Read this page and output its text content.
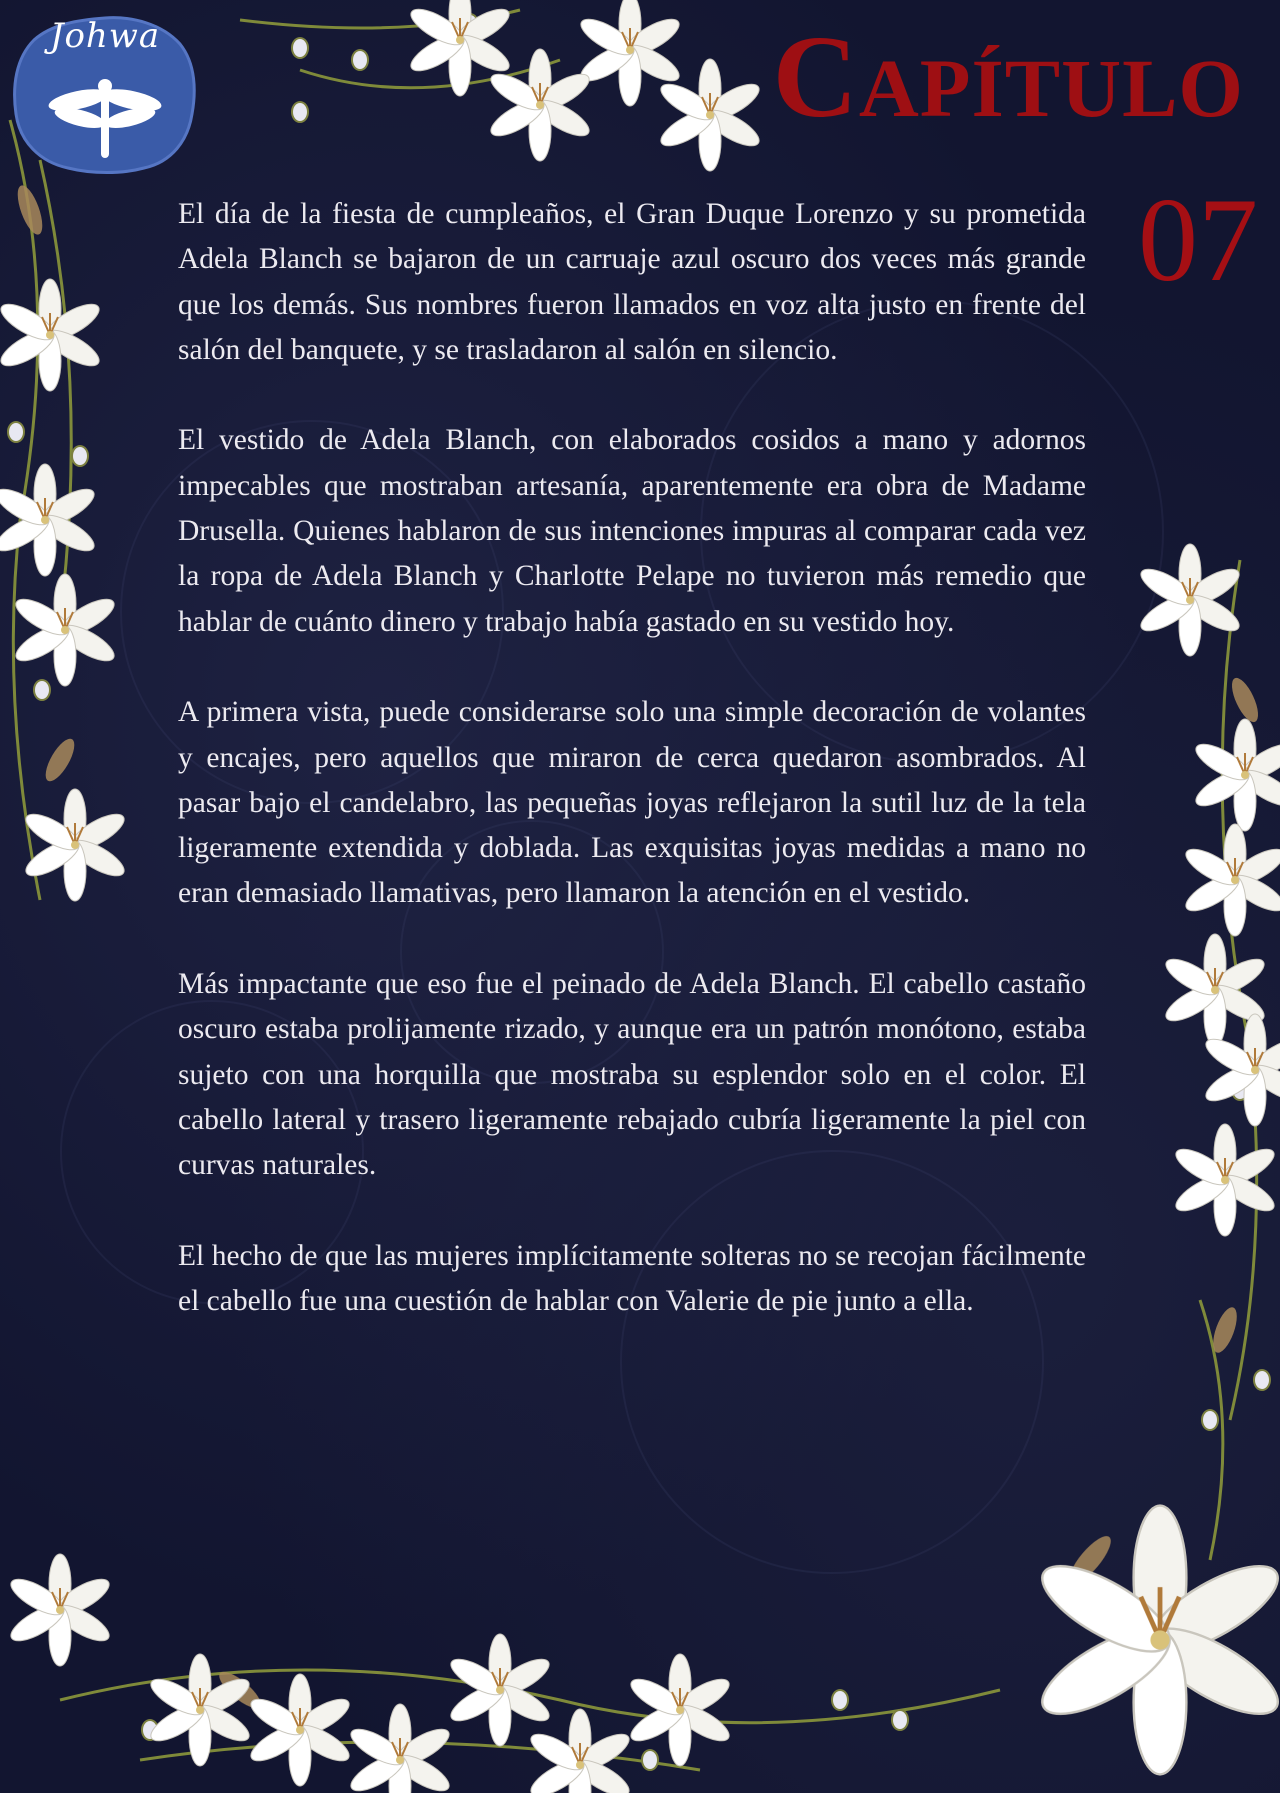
Johwa	Capítulo
07

El día de la fiesta de cumpleaños, el Gran Duque Lorenzo y su prometida Adela Blanch se bajaron de un carruaje azul oscuro dos veces más grande que los demás. Sus nombres fueron llamados en voz alta justo en frente del salón del banquete, y se trasladaron al salón en silencio.

El vestido de Adela Blanch, con elaborados cosidos a mano y adornos impecables que mostraban artesanía, aparentemente era obra de Madame Drusella. Quienes hablaron de sus intenciones impuras al comparar cada vez la ropa de Adela Blanch y Charlotte Pelape no tuvieron más remedio que hablar de cuánto dinero y trabajo había gastado en su vestido hoy.

A primera vista, puede considerarse solo una simple decoración de volantes y encajes, pero aquellos que miraron de cerca quedaron asombrados. Al pasar bajo el candelabro, las pequeñas joyas reflejaron la sutil luz de la tela ligeramente extendida y doblada. Las exquisitas joyas medidas a mano no eran demasiado llamativas, pero llamaron la atención en el vestido.

Más impactante que eso fue el peinado de Adela Blanch. El cabello castaño oscuro estaba prolijamente rizado, y aunque era un patrón monótono, estaba sujeto con una horquilla que mostraba su esplendor solo en el color. El cabello lateral y trasero ligeramente rebajado cubría ligeramente la piel con curvas naturales.

El hecho de que las mujeres implícitamente solteras no se recojan fácilmente el cabello fue una cuestión de hablar con Valerie de pie junto a ella.
